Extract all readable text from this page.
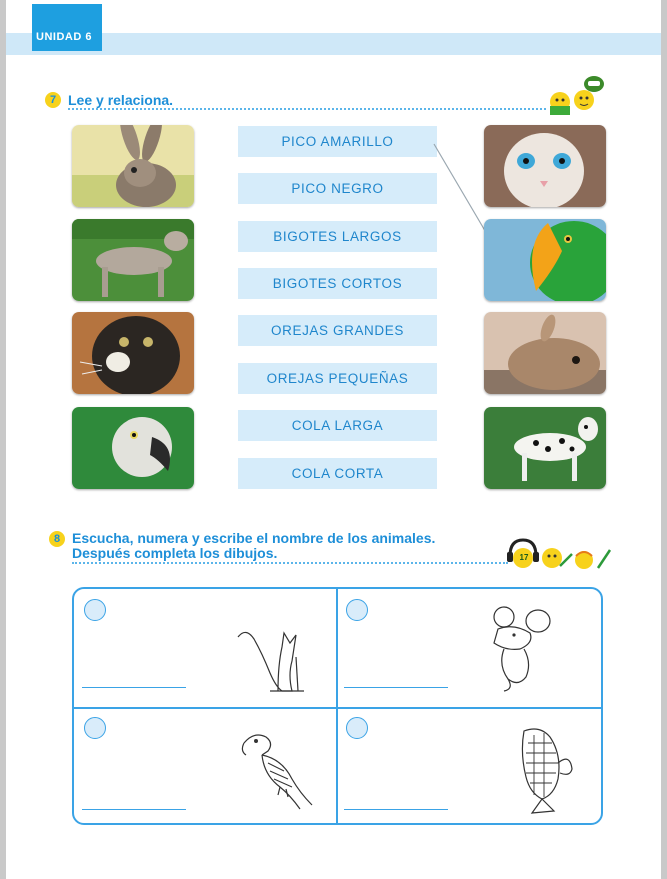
UNIDAD 6
7 Lee y relaciona.
PICO AMARILLO
PICO NEGRO
BIGOTES LARGOS
BIGOTES CORTOS
OREJAS GRANDES
OREJAS PEQUEÑAS
COLA LARGA
COLA CORTA
8 Escucha, numera y escribe el nombre de los animales.
Después completa los dibujos.	17
